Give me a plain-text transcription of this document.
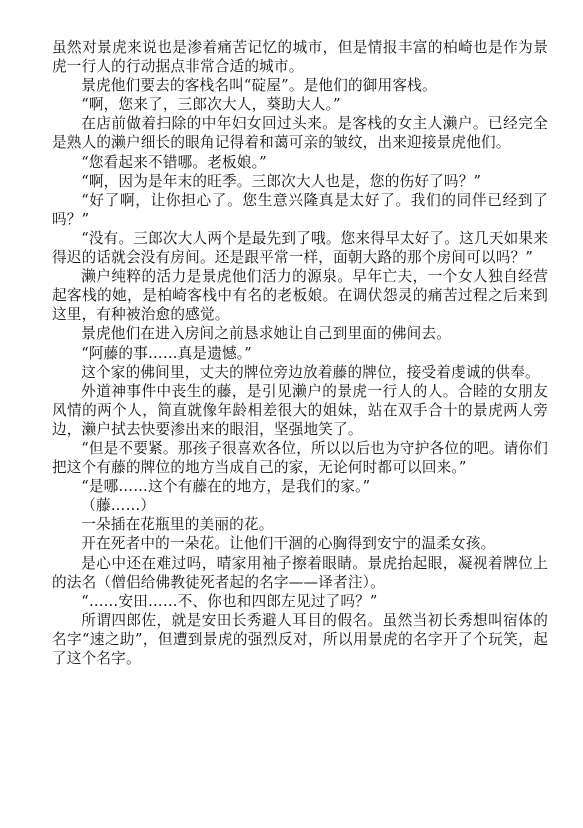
虽然对景虎来说也是渗着痛苦记忆的城市，但是情报丰富的柏崎也是作为景虎一行人的行动据点非常合适的城市。

景虎他们要去的客栈名叫“碇屋”。是他们的御用客栈。

“啊，您来了，三郎次大人，葵助大人。”

在店前做着扫除的中年妇女回过头来。是客栈的女主人濑户。已经完全是熟人的濑户细长的眼角记得着和蔼可亲的皱纹，出来迎接景虎他们。

“您看起来不错哪。老板娘。”

“啊，因为是年末的旺季。三郎次大人也是，您的伤好了吗？”

“好了啊，让你担心了。您生意兴隆真是太好了。我们的同伴已经到了吗？”

“没有。三郎次大人两个是最先到了哦。您来得早太好了。这几天如果来得迟的话就会没有房间。还是跟平常一样，面朝大路的那个房间可以吗？”

濑户纯粹的活力是景虎他们活力的源泉。早年亡夫，一个女人独自经营起客栈的她，是柏崎客栈中有名的老板娘。在调伏怨灵的痛苦过程之后来到这里，有种被治愈的感觉。

景虎他们在进入房间之前恳求她让自己到里面的佛间去。

“阿藤的事……真是遗憾。”

这个家的佛间里，丈夫的牌位旁边放着藤的牌位，接受着虔诚的供奉。

外道神事件中丧生的藤，是引见濑户的景虎一行人的人。合睦的女朋友风情的两个人，简直就像年龄相差很大的姐妹，站在双手合十的景虎两人旁边，濑户拭去快要渗出来的眼泪，坚强地笑了。

“但是不要紧。那孩子很喜欢各位，所以以后也为守护各位的吧。请你们把这个有藤的牌位的地方当成自己的家，无论何时都可以回来。”

“是哪……这个有藤在的地方，是我们的家。”

（藤……）

一朵插在花瓶里的美丽的花。

开在死者中的一朵花。让他们干涸的心胸得到安宁的温柔女孩。

是心中还在难过吗，晴家用袖子擦着眼睛。景虎抬起眼，凝视着牌位上的法名（僧侣给佛教徒死者起的名字——译者注）。

“……安田……不、你也和四郎左见过了吗？”

所谓四郎佐，就是安田长秀避人耳目的假名。虽然当初长秀想叫宿体的名字“速之助”，但遭到景虎的强烈反对，所以用景虎的名字开了个玩笑，起了这个名字。
